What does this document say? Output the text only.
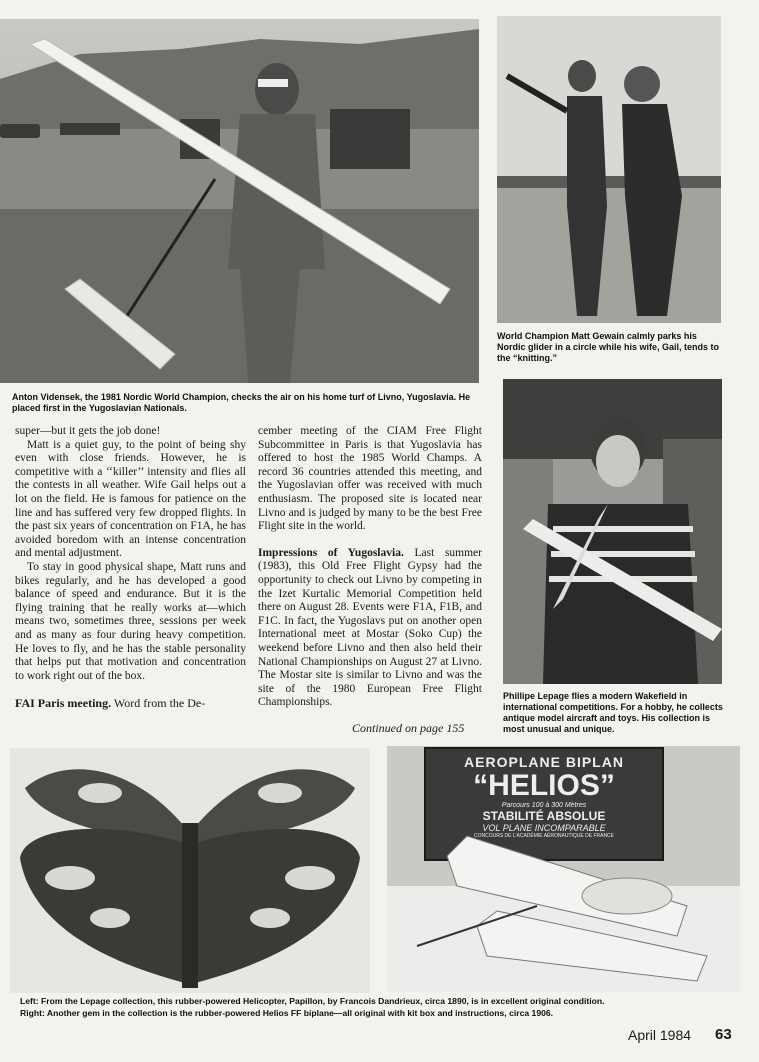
Anton Vidensek, the 1981 Nordic World Champion, checks the air on his home turf of Livno, Yugoslavia. He placed first in the Yugoslavian Nationals.
World Champion Matt Gewain calmly parks his Nordic glider in a circle while his wife, Gail, tends to the “knitting.”
Phillipe Lepage flies a modern Wakefield in international competitions. For a hobby, he collects antique model aircraft and toys. His collection is most unusual and unique.

super—but it gets the job done!

Matt is a quiet guy, to the point of being shy even with close friends. However, he is competitive with a ‘‘killer’’ intensity and flies all the contests in all weather. Wife Gail helps out a lot on the field. He is famous for patience on the line and has suffered very few dropped flights. In the past six years of concentration on F1A, he has avoided boredom with an intense concentration and mental adjustment.

To stay in good physical shape, Matt runs and bikes regularly, and he has developed a good balance of speed and endurance. But it is the flying training that he really works at—which means two, sometimes three, sessions per week and as many as four during heavy competition. He loves to fly, and he has the stable personality that helps put that motivation and concentration to work right out of the box.

FAI Paris meeting. Word from the De-

cember meeting of the CIAM Free Flight Subcommittee in Paris is that Yugoslavia has offered to host the 1985 World Champs. A record 36 countries attended this meeting, and the Yugoslavian offer was received with much enthusiasm. The proposed site is located near Livno and is judged by many to be the best Free Flight site in the world.

Impressions of Yugoslavia. Last summer (1983), this Old Free Flight Gypsy had the opportunity to check out Livno by competing in the Izet Kurtalic Memorial Competition held there on August 28. Events were F1A, F1B, and F1C. In fact, the Yugoslavs put on another open International meet at Mostar (Soko Cup) the weekend before Livno and then also held their National Championships on August 27 at Livno. The Mostar site is similar to Livno and was the site of the 1980 European Free Flight Championships.

Continued on page 155
AEROPLANE BIPLAN
“HELIOS”
Parcours 100 à 300 Mètres
STABILITÉ ABSOLUE
VOL PLANE INCOMPARABLE
CONCOURS DE L’ACADÉMIE AÉRONAUTIQUE DE FRANCE
Left: From the Lepage collection, this rubber-powered Helicopter, Papillon, by Francois Dandrieux, circa 1890, is in excellent original condition.
Right: Another gem in the collection is the rubber-powered Helios FF biplane—all original with kit box and instructions, circa 1906.
April 1984 63
